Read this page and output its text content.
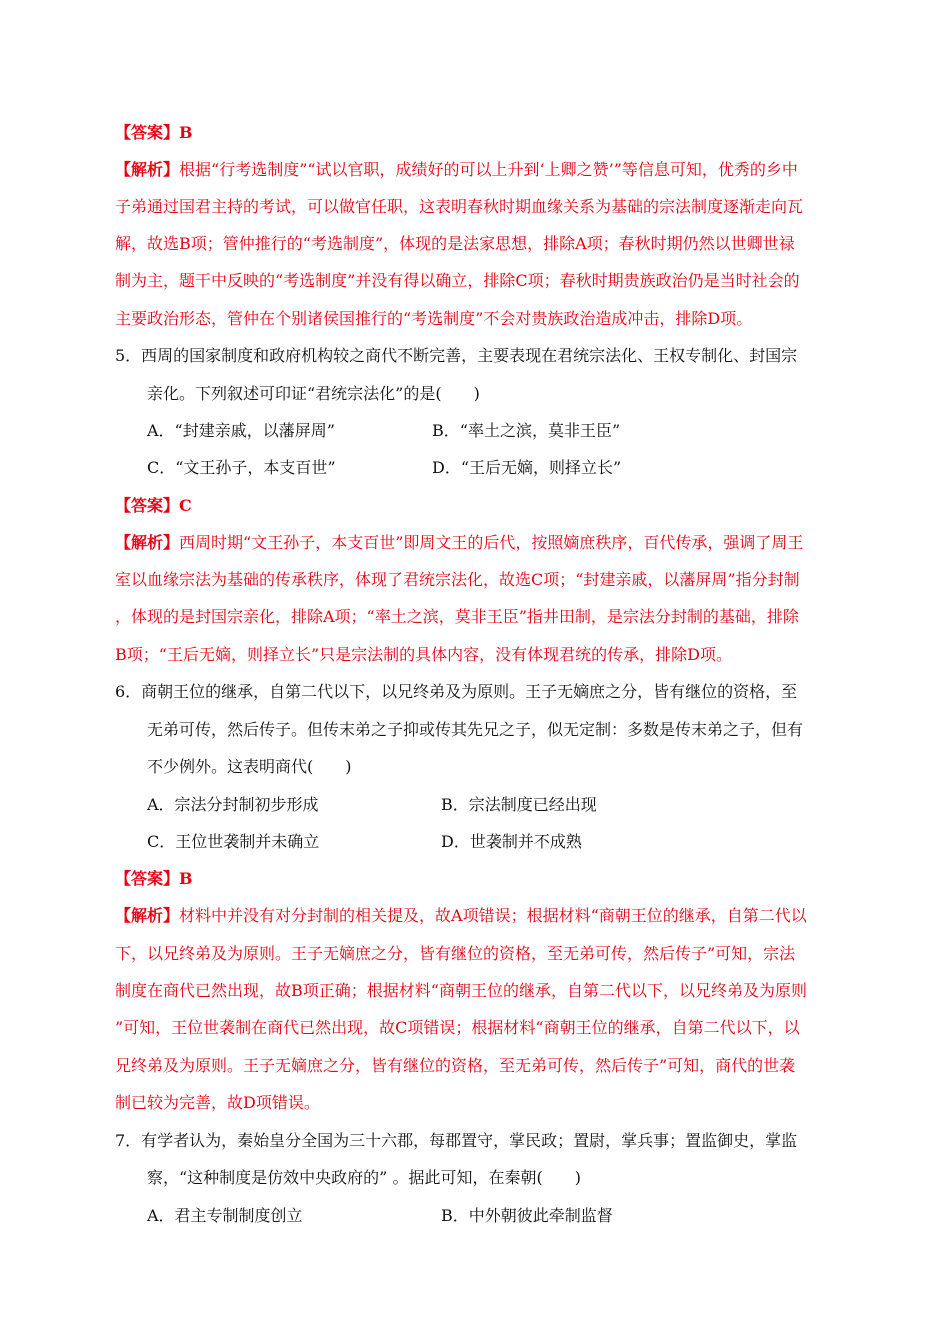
【答案】B
【解析】根据“行考选制度”“试以官职，成绩好的可以上升到‘上卿之赞’”等信息可知，优秀的乡中
子弟通过国君主持的考试，可以做官任职，这表明春秋时期血缘关系为基础的宗法制度逐渐走向瓦
解，故选B项；管仲推行的“考选制度”，体现的是法家思想，排除A项；春秋时期仍然以世卿世禄
制为主，题干中反映的“考选制度”并没有得以确立，排除C项；春秋时期贵族政治仍是当时社会的
主要政治形态，管仲在个别诸侯国推行的“考选制度”不会对贵族政治造成冲击，排除D项。
5．西周的国家制度和政府机构较之商代不断完善，主要表现在君统宗法化、王权专制化、封国宗
亲化。下列叙述可印证“君统宗法化”的是(　　)
A．“封建亲戚，以藩屏周”	B．“率土之滨，莫非王臣”
C．“文王孙子，本支百世”	D．“王后无嫡，则择立长”
【答案】C
【解析】西周时期“文王孙子，本支百世”即周文王的后代，按照嫡庶秩序，百代传承，强调了周王
室以血缘宗法为基础的传承秩序，体现了君统宗法化，故选C项；“封建亲戚，以藩屏周”指分封制
，体现的是封国宗亲化，排除A项；“率土之滨，莫非王臣”指井田制，是宗法分封制的基础，排除
B项；“王后无嫡，则择立长”只是宗法制的具体内容，没有体现君统的传承，排除D项。
6．商朝王位的继承，自第二代以下，以兄终弟及为原则。王子无嫡庶之分，皆有继位的资格，至
无弟可传，然后传子。但传末弟之子抑或传其先兄之子，似无定制：多数是传末弟之子，但有
不少例外。这表明商代(　　)
A．宗法分封制初步形成	B．宗法制度已经出现
C．王位世袭制并未确立	D．世袭制并不成熟
【答案】B
【解析】材料中并没有对分封制的相关提及，故A项错误；根据材料“商朝王位的继承，自第二代以
下，以兄终弟及为原则。王子无嫡庶之分，皆有继位的资格，至无弟可传，然后传子”可知，宗法
制度在商代已然出现，故B项正确；根据材料“商朝王位的继承，自第二代以下，以兄终弟及为原则
”可知，王位世袭制在商代已然出现，故C项错误；根据材料“商朝王位的继承，自第二代以下，以
兄终弟及为原则。王子无嫡庶之分，皆有继位的资格，至无弟可传，然后传子”可知，商代的世袭
制已较为完善，故D项错误。
7．有学者认为，秦始皇分全国为三十六郡，每郡置守，掌民政；置尉，掌兵事；置监御史，掌监
察，“这种制度是仿效中央政府的” 。据此可知，在秦朝(　　)
A．君主专制制度创立	B．中外朝彼此牵制监督
